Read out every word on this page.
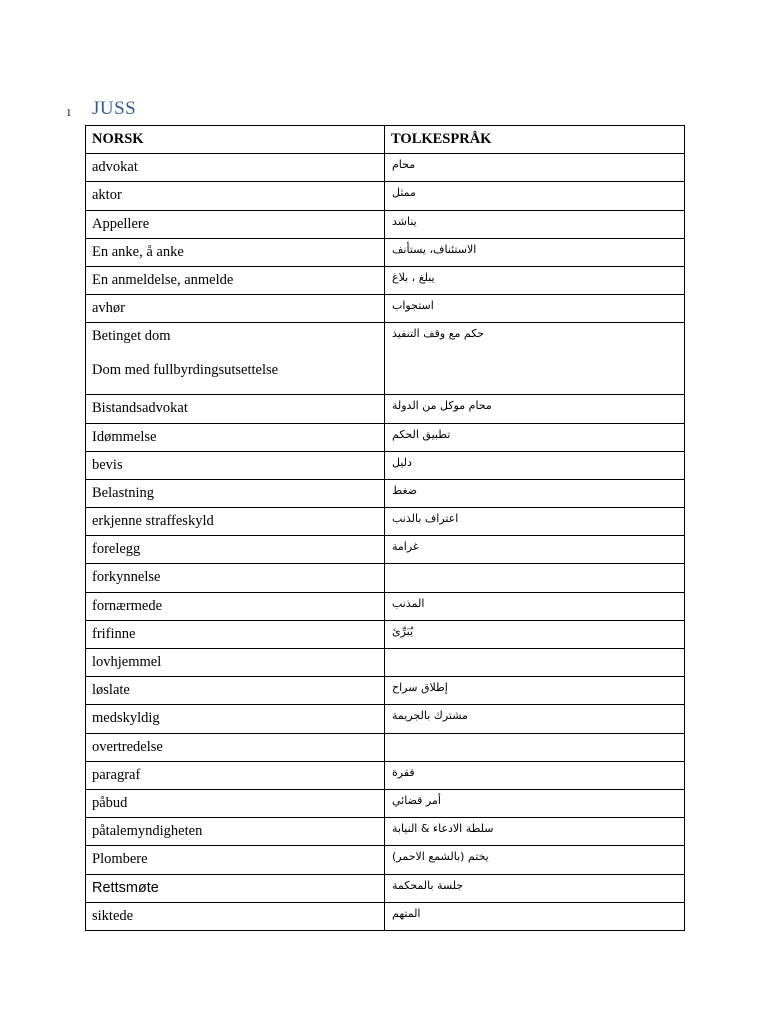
1 JUSS
NORSK	TOLKESPRÅK

advokat	محام

aktor	ممثل

Appellere	يناشد

En anke, å anke	الاستئناف، يستأنف

En anmeldelse, anmelde	يبلغ ، بلاغ

avhør	استجواب

Betinget dom
Dom med fullbyrdingsutsettelse	حكم مع وقف التنفيذ

Bistandsadvokat	محام موكل من الدولة

Idømmelse	تطبيق الحكم

bevis	دليل

Belastning	ضغط

erkjenne straffeskyld	اعتراف بالذنب

forelegg	غرامة

forkynnelse	

fornærmede	المذنب

frifinne	يُبَرِّئ

lovhjemmel	

løslate	إطلاق سراح

medskyldig	مشترك بالجريمة

overtredelse	

paragraf	فقرة

påbud	أمر قضائي

påtalemyndigheten	سلطة الادعاء & النيابة

Plombere	يختم (بالشمع الاحمر)

Rettsmøte	جلسة بالمحكمة

siktede	المتهم
